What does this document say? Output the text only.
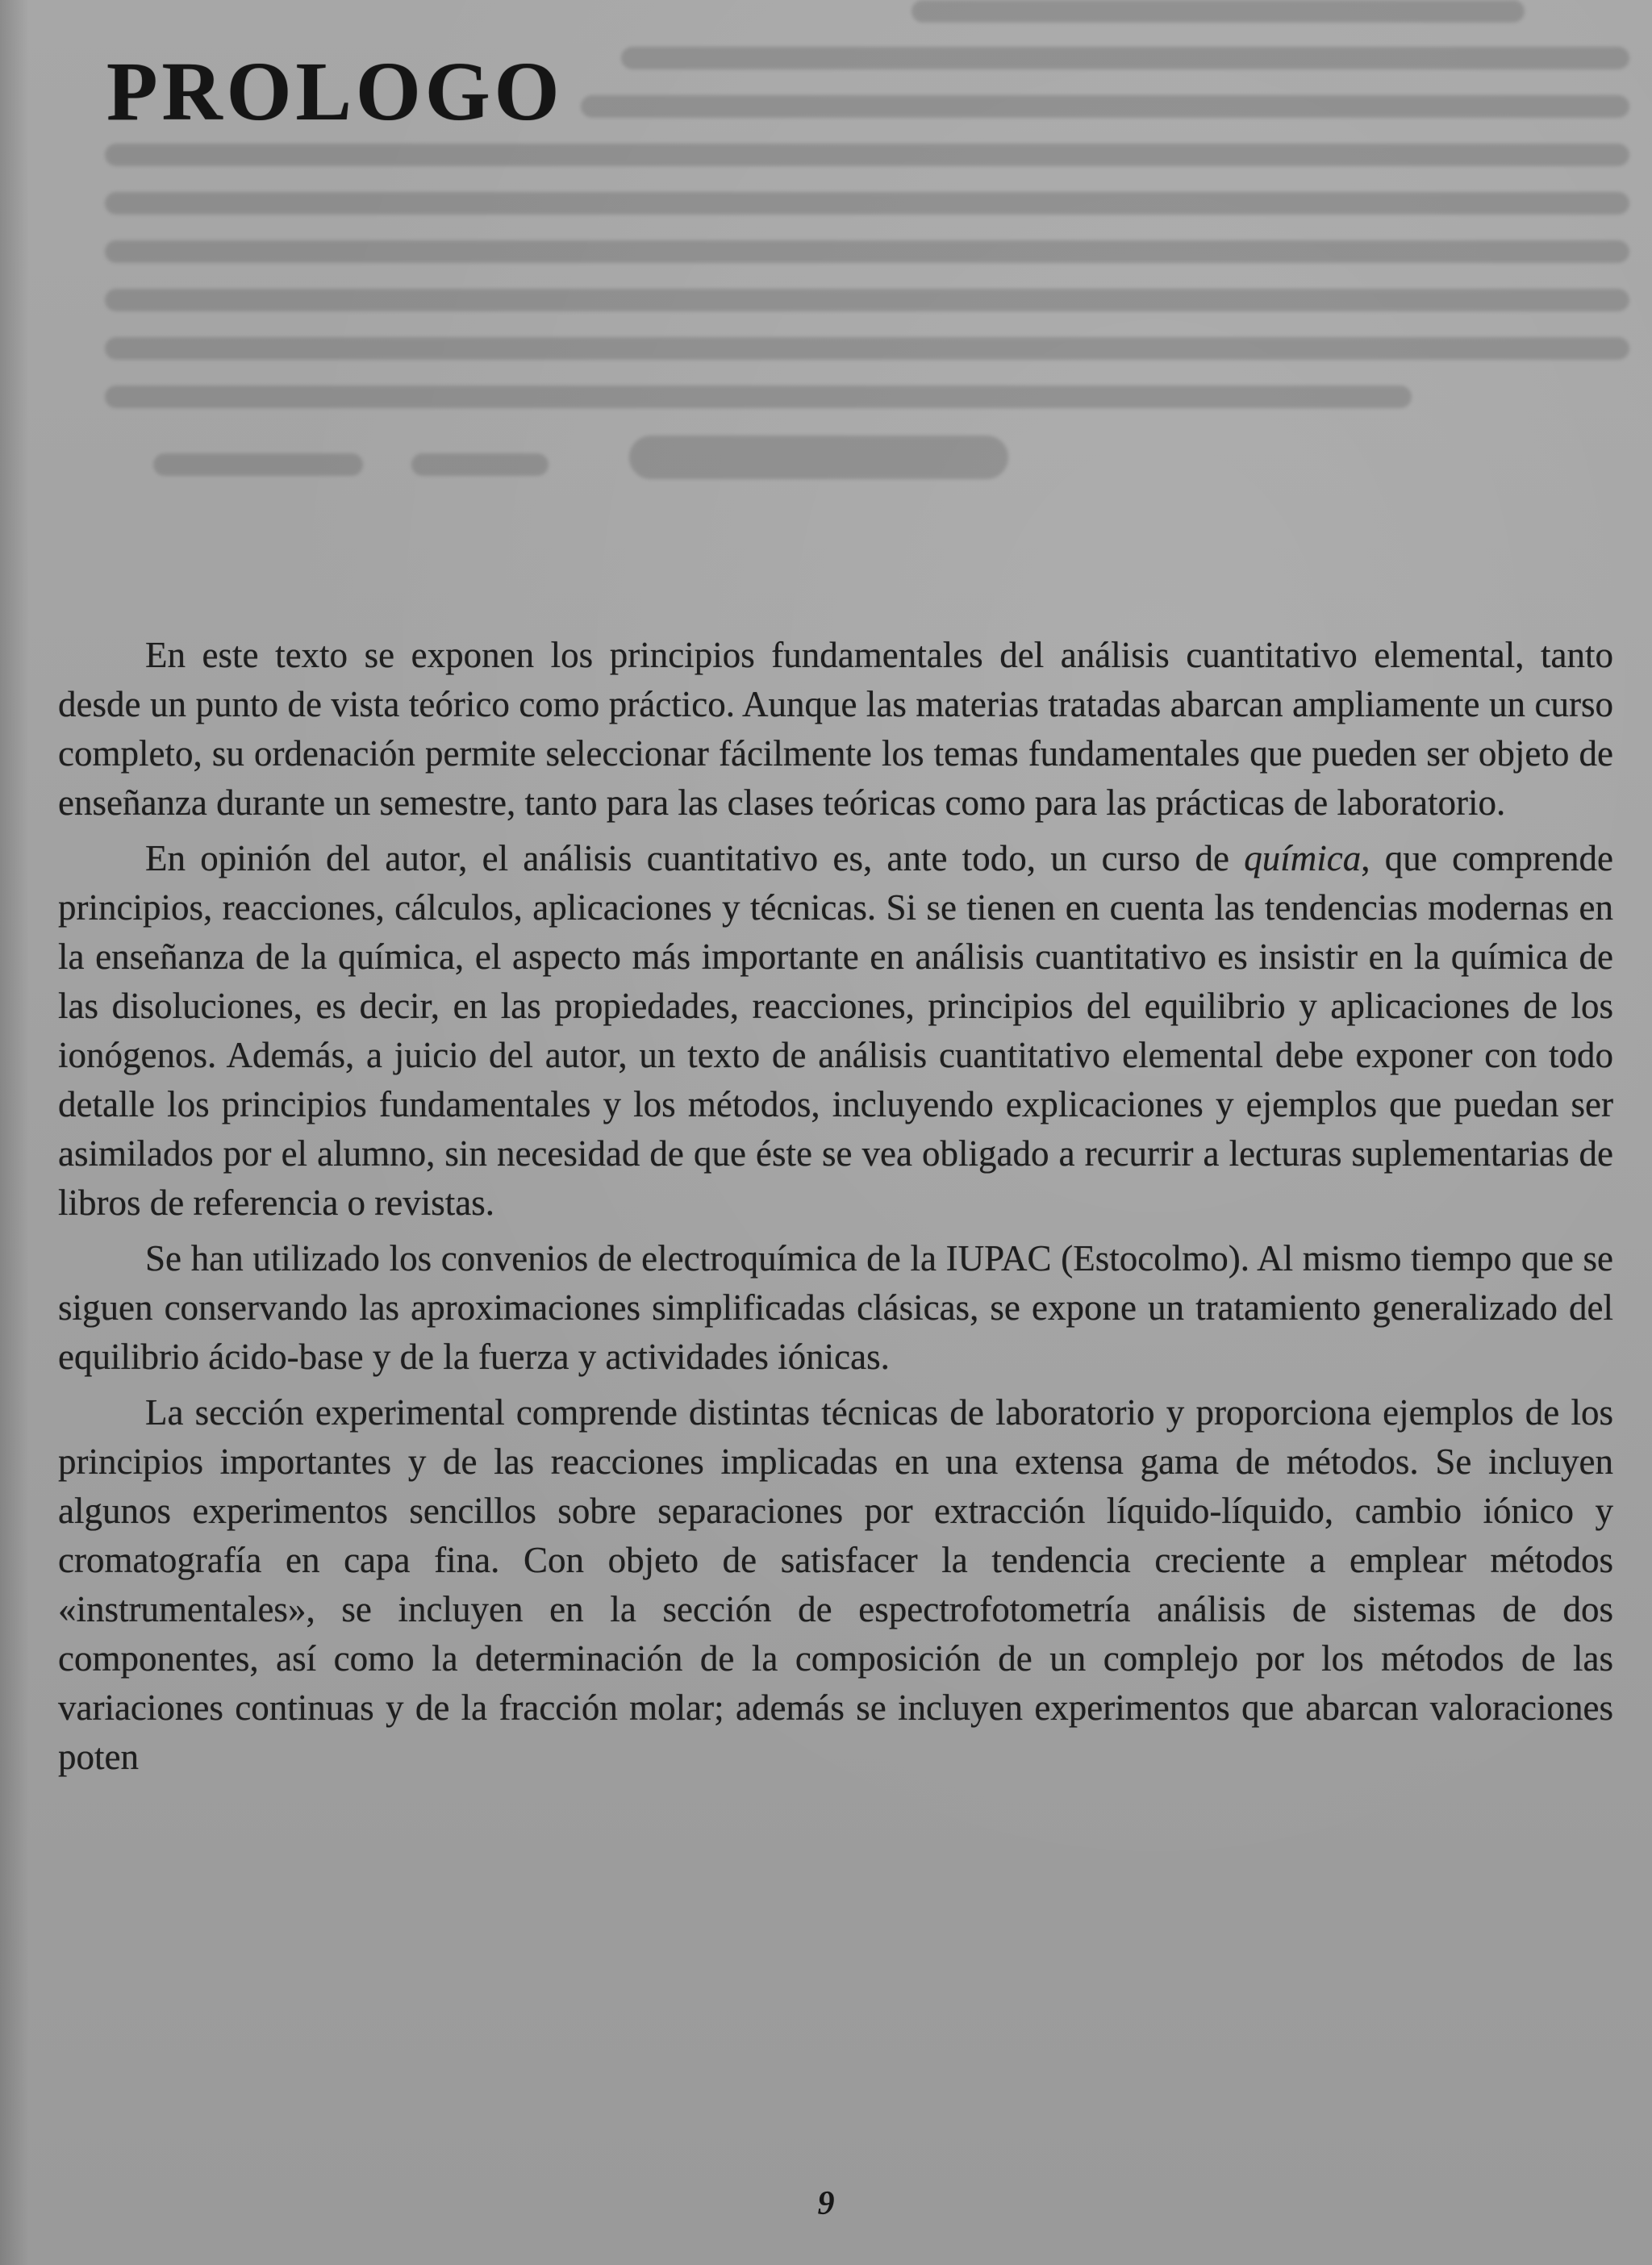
PROLOGO

En este texto se exponen los principios fundamentales del análisis cuantitativo elemental, tanto desde un punto de vista teórico como práctico. Aunque las materias tratadas abarcan ampliamente un curso completo, su ordenación permite seleccionar fácilmente los temas fundamentales que pueden ser objeto de enseñanza durante un semestre, tanto para las clases teóricas como para las prácticas de laboratorio.

En opinión del autor, el análisis cuantitativo es, ante todo, un curso de química, que comprende principios, reacciones, cálculos, aplicaciones y técnicas. Si se tienen en cuenta las tendencias modernas en la enseñanza de la química, el aspecto más importante en análisis cuantitativo es insistir en la química de las disoluciones, es decir, en las propiedades, reacciones, principios del equilibrio y aplicaciones de los ionógenos. Además, a juicio del autor, un texto de análisis cuantitativo elemental debe exponer con todo detalle los principios fundamentales y los métodos, incluyendo explicaciones y ejemplos que puedan ser asimilados por el alumno, sin necesidad de que éste se vea obligado a recurrir a lecturas suplementarias de libros de referencia o revistas.

Se han utilizado los convenios de electroquímica de la IUPAC (Estocolmo). Al mismo tiempo que se siguen conservando las aproximaciones simplificadas clásicas, se expone un tratamiento generalizado del equilibrio ácido-base y de la fuerza y actividades iónicas.

La sección experimental comprende distintas técnicas de laboratorio y proporciona ejemplos de los principios importantes y de las reacciones implicadas en una extensa gama de métodos. Se incluyen algunos experimentos sencillos sobre separaciones por extracción líquido-líquido, cambio iónico y cromatografía en capa fina. Con objeto de satisfacer la tendencia creciente a emplear métodos «instrumentales», se incluyen en la sección de espectrofotometría análisis de sistemas de dos componentes, así como la determinación de la composición de un complejo por los métodos de las variaciones continuas y de la fracción molar; además se incluyen experimentos que abarcan valoraciones poten

9
